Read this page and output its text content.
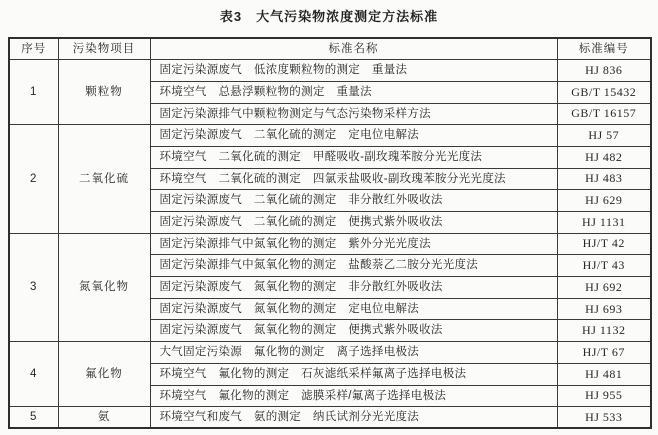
表3　大气污染物浓度测定方法标准
序号	污染物项目	标准名称	标准编号
1	颗粒物	固定污染源废气　低浓度颗粒物的测定　重量法	HJ 836
		环境空气　总悬浮颗粒物的测定　重量法	GB/T 15432
		固定污染源排气中颗粒物测定与气态污染物采样方法	GB/T 16157
2	二氧化硫	固定污染源废气　二氧化硫的测定　定电位电解法	HJ 57
		环境空气　二氧化硫的测定　甲醛吸收-副玫瑰苯胺分光光度法	HJ 482
		环境空气　二氧化硫的测定　四氯汞盐吸收-副玫瑰苯胺分光光度法	HJ 483
		固定污染源废气　二氧化硫的测定　非分散红外吸收法	HJ 629
		固定污染源废气　二氧化硫的测定　便携式紫外吸收法	HJ 1131
3	氮氧化物	固定污染源排气中氮氧化物的测定　紫外分光光度法	HJ/T 42
		固定污染源排气中氮氧化物的测定　盐酸萘乙二胺分光光度法	HJ/T 43
		固定污染源废气　氮氧化物的测定　非分散红外吸收法	HJ 692
		固定污染源废气　氮氧化物的测定　定电位电解法	HJ 693
		固定污染源废气　氮氧化物的测定　便携式紫外吸收法	HJ 1132
4	氟化物	大气固定污染源　氟化物的测定　离子选择电极法	HJ/T 67
		环境空气　氟化物的测定　石灰滤纸采样氟离子选择电极法	HJ 481
		环境空气　氟化物的测定　滤膜采样/氟离子选择电极法	HJ 955
5	氨	环境空气和废气　氨的测定　纳氏试剂分光光度法	HJ 533
